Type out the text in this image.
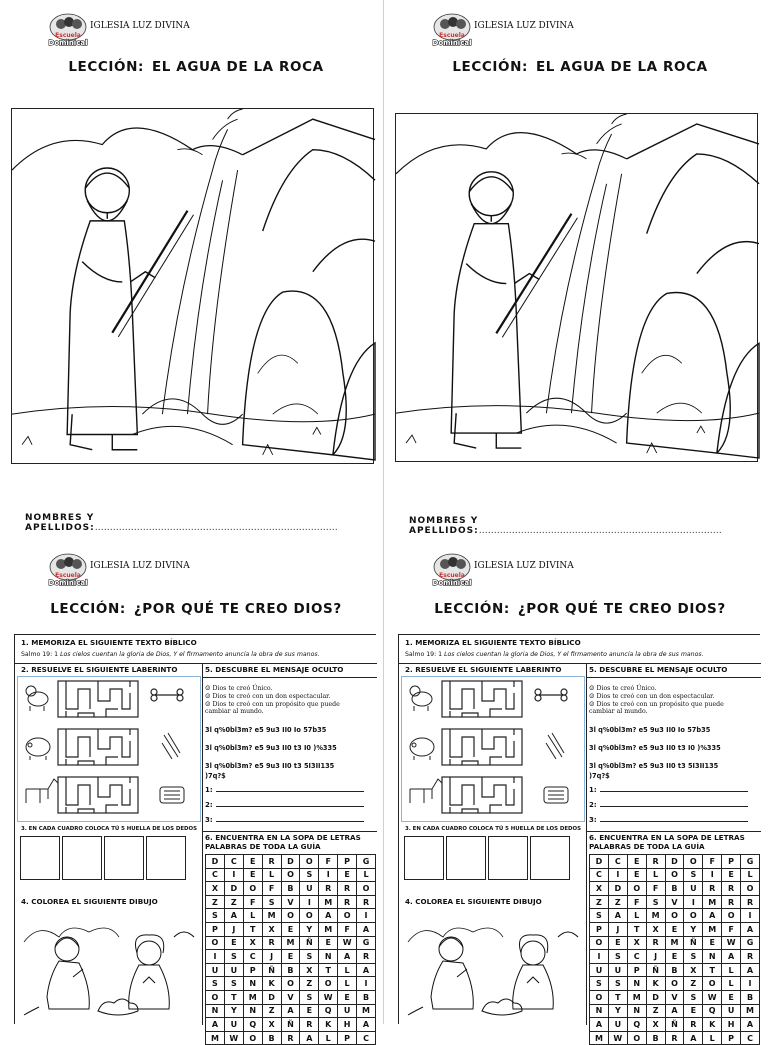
IGLESIA LUZ DIVINA
LECCIÓN: EL AGUA DE LA ROCA
NOMBRES Y APELLIDOS:………………………………………………………………………
IGLESIA LUZ DIVINA
LECCIÓN: EL AGUA DE LA ROCA
NOMBRES Y APELLIDOS:………………………………………………………………………
IGLESIA LUZ DIVINA
LECCIÓN: ¿POR QUÉ TE CREO DIOS?
1. MEMORIZA EL SIGUIENTE TEXTO BÍBLICO
Salmo 19: 1 Los cielos cuentan la gloria de Dios, Y el firmamento anuncia la obra de sus manos.
2. RESUELVE EL SIGUIENTE LABERINTO	5. DESCUBRE EL MENSAJE OCULTO
☺ Dios te creó Único.
☺ Dios te creó con un don espectacular.
☺ Dios te creó con un propósito que puede
cambiar al mundo.
3l q%0bl3m? e5 9u3 II0 Io 57b35
3l q%0bl3m? e5 9u3 II0 t3 I0 )%335
3l q%0bl3m? e5 9u3 II0 t3 5I3II135
)7q?$
1:
2:
3:
3. EN CADA CUADRO COLOCA TÚ 5 HUELLA DE LOS DEDOS
4. COLOREA EL SIGUIENTE DIBUJO
6. ENCUENTRA EN LA SOPA DE LETRAS
PALABRAS DE TODA LA GUÍA
D	C	E	R	D	O	F	P	G
C	I	E	L	O	S	I	E	L
X	D	O	F	B	U	R	R	O
Z	Z	F	S	V	I	M	R	R
S	A	L	M	O	O	A	O	I
P	J	T	X	E	Y	M	F	A
O	E	X	R	M	Ñ	E	W	G
I	S	C	J	E	S	N	A	R
U	U	P	Ñ	B	X	T	L	A
S	S	N	K	O	Z	O	L	I
O	T	M	D	V	S	W	E	B
N	Y	N	Z	A	E	Q	U	M
A	U	Q	X	Ñ	R	K	H	A
M	W	O	B	R	A	L	P	C
IGLESIA LUZ DIVINA
LECCIÓN: ¿POR QUÉ TE CREO DIOS?
1. MEMORIZA EL SIGUIENTE TEXTO BÍBLICO
Salmo 19: 1 Los cielos cuentan la gloria de Dios, Y el firmamento anuncia la obra de sus manos.
2. RESUELVE EL SIGUIENTE LABERINTO	5. DESCUBRE EL MENSAJE OCULTO
☺ Dios te creó Único.
☺ Dios te creó con un don espectacular.
☺ Dios te creó con un propósito que puede
cambiar al mundo.
3l q%0bl3m? e5 9u3 II0 Io 57b35
3l q%0bl3m? e5 9u3 II0 t3 I0 )%335
3l q%0bl3m? e5 9u3 II0 t3 5I3II135
)7q?$
1:
2:
3:
3. EN CADA CUADRO COLOCA TÚ 5 HUELLA DE LOS DEDOS
4. COLOREA EL SIGUIENTE DIBUJO
6. ENCUENTRA EN LA SOPA DE LETRAS
PALABRAS DE TODA LA GUÍA
D	C	E	R	D	O	F	P	G
C	I	E	L	O	S	I	E	L
X	D	O	F	B	U	R	R	O
Z	Z	F	S	V	I	M	R	R
S	A	L	M	O	O	A	O	I
P	J	T	X	E	Y	M	F	A
O	E	X	R	M	Ñ	E	W	G
I	S	C	J	E	S	N	A	R
U	U	P	Ñ	B	X	T	L	A
S	S	N	K	O	Z	O	L	I
O	T	M	D	V	S	W	E	B
N	Y	N	Z	A	E	Q	U	M
A	U	Q	X	Ñ	R	K	H	A
M	W	O	B	R	A	L	P	C
